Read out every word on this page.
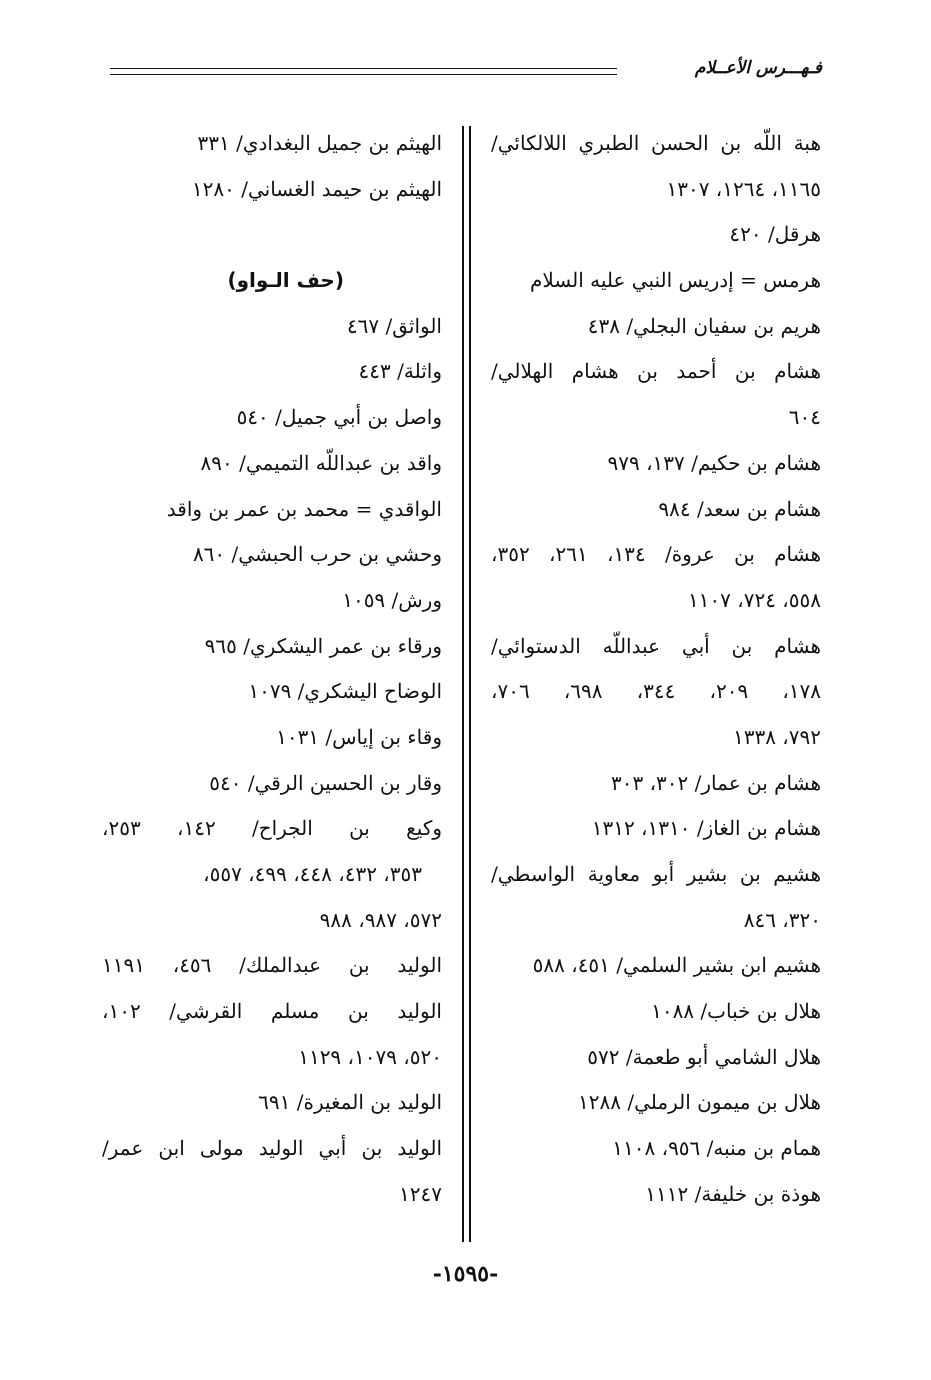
فـهـــرس الأعــلام
هبة اللّه بن الحسن الطبري اللالكائي/
١١٦٥، ١٢٦٤، ١٣٠٧
هرقل/ ٤٢٠
هرمس = إدريس النبي عليه السلام
هريم بن سفيان البجلي/ ٤٣٨
هشام بن أحمد بن هشام الهلالي/
٦٠٤
هشام بن حكيم/ ١٣٧، ٩٧٩
هشام بن سعد/ ٩٨٤
هشام بن عروة/ ١٣٤، ٢٦١، ٣٥٢،
٥٥٨، ٧٢٤، ١١٠٧
هشام بن أبي عبداللّه الدستوائي/
١٧٨، ٢٠٩، ٣٤٤، ٦٩٨، ٧٠٦،
٧٩٢، ١٣٣٨
هشام بن عمار/ ٣٠٢، ٣٠٣
هشام بن الغاز/ ١٣١٠، ١٣١٢
هشيم بن بشير أبو معاوية الواسطي/
٣٢٠، ٨٤٦
هشيم ابن بشير السلمي/ ٤٥١، ٥٨٨
هلال بن خباب/ ١٠٨٨
هلال الشامي أبو طعمة/ ٥٧٢
هلال بن ميمون الرملي/ ١٢٨٨
همام بن منبه/ ٩٥٦، ١١٠٨
هوذة بن خليفة/ ١١١٢
الهيثم بن جميل البغدادي/ ٣٣١
الهيثم بن حيمد الغساني/ ١٢٨٠
(حف الـواو)
الواثق/ ٤٦٧
واثلة/ ٤٤٣
واصل بن أبي جميل/ ٥٤٠
واقد بن عبداللّه التميمي/ ٨٩٠
الواقدي = محمد بن عمر بن واقد
وحشي بن حرب الحبشي/ ٨٦٠
ورش/ ١٠٥٩
ورقاء بن عمر اليشكري/ ٩٦٥
الوضاح اليشكري/ ١٠٧٩
وقاء بن إياس/ ١٠٣١
وقار بن الحسين الرقي/ ٥٤٠
وكيع بن الجراح/ ١٤٢، ٢٥٣،
٣٥٣، ٤٣٢، ٤٤٨، ٤٩٩، ٥٥٧،
٥٧٢، ٩٨٧، ٩٨٨
الوليد بن عبدالملك/ ٤٥٦، ١١٩١
الوليد بن مسلم القرشي/ ١٠٢،
٥٢٠، ١٠٧٩، ١١٢٩
الوليد بن المغيرة/ ٦٩١
الوليد بن أبي الوليد مولى ابن عمر/
١٢٤٧
-١٥٩٥-
